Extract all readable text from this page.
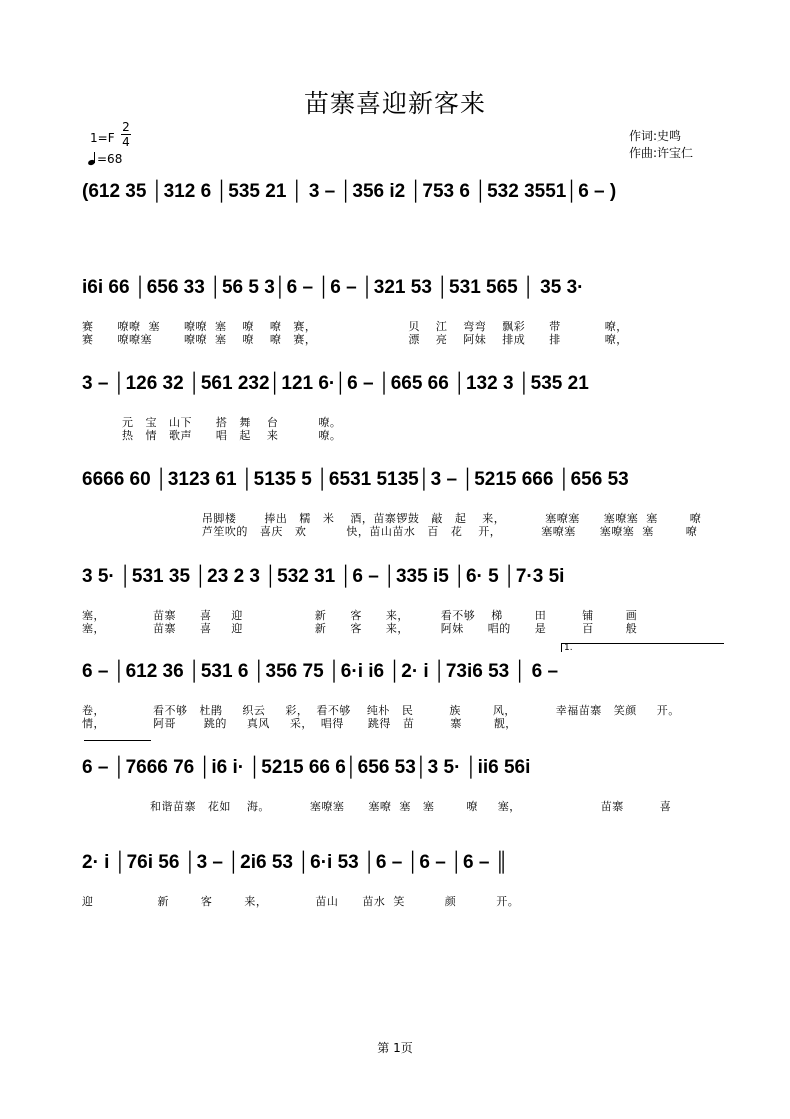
苗寨喜迎新客来
1=F
2
4
=68
作词:史鸣
作曲:许宝仁
(612 35 │312 6 │535 21 │ 3 – │356 i2 │753 6 │532 3551│6 – )
i6i 66 │656 33 │56 5 3│6 – │6 – │321 53 │531 565 │ 35 3·
赛      嘹嘹  塞      嘹嘹  塞    嘹    嘹   赛，                       贝    江    弯弯    飘彩      带           嘹，
赛      嘹嘹塞        嘹嘹  塞    嘹    嘹   赛，                       漂    亮    阿妹    排成      排           嘹，
3 – │126 32 │561 232│121 6·│6 – │665 66 │132 3 │535 21
元   宝   山下      搭   舞    台          嘹。
热   情   歌声      唱   起    来          嘹。
6666 60 │3123 61 │5135 5 │6531 5135│3 – │5215 666 │656 53
吊脚楼       捧出   糯   米    酒，苗寨锣鼓   敲   起    来，          塞嘹塞      塞嘹塞  塞        嘹
芦笙吹的   喜庆   欢          快，苗山苗水   百   花    开，          塞嘹塞      塞嘹塞  塞        嘹
3 5· │531 35 │23 2 3 │532 31 │6 – │335 i5 │6· 5 │7·3 5i
塞，            苗寨      喜     迎                  新      客      来，        看不够    梯        田         铺        画
塞，            苗寨      喜     迎                  新      客      来，        阿妹      唱的      是         百        般
1.
6 – │612 36 │531 6 │356 75 │6·i i6 │2· i │73i6 53 │ 6 –
卷，            看不够   杜鹃     织云     彩，  看不够    纯朴   民         族        风，          幸福苗寨   笑颜     开。
情，            阿哥       跳的     真风     采，  唱得      跳得   苗         寨        靓，
6 – │7666 76 │i6 i· │5215 66 6│656 53│3 5· │ii6 56i
和谐苗寨   花如    海。          塞嘹塞      塞嘹  塞   塞        嘹     塞，                    苗寨         喜
2· i │76i 56 │3 – │2i6 53 │6·i 53 │6 – │6 – │6 – ║
迎                新        客        来，            苗山      苗水  笑          颜          开。
第 1页
